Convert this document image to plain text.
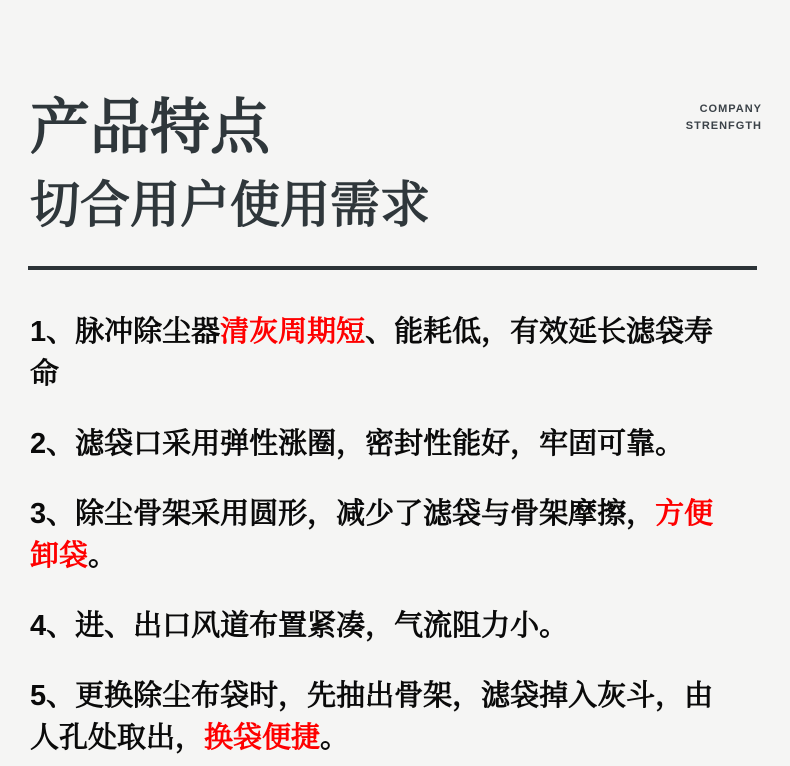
COMPANY
STRENFGTH
产品特点
切合用户使用需求

1、脉冲除尘器清灰周期短、能耗低，有效延长滤袋寿
命

2、滤袋口采用弹性涨圈，密封性能好，牢固可靠。

3、除尘骨架采用圆形，减少了滤袋与骨架摩擦，方便
卸袋。

4、进、出口风道布置紧凑，气流阻力小。

5、更换除尘布袋时，先抽出骨架，滤袋掉入灰斗，由
人孔处取出，换袋便捷。
